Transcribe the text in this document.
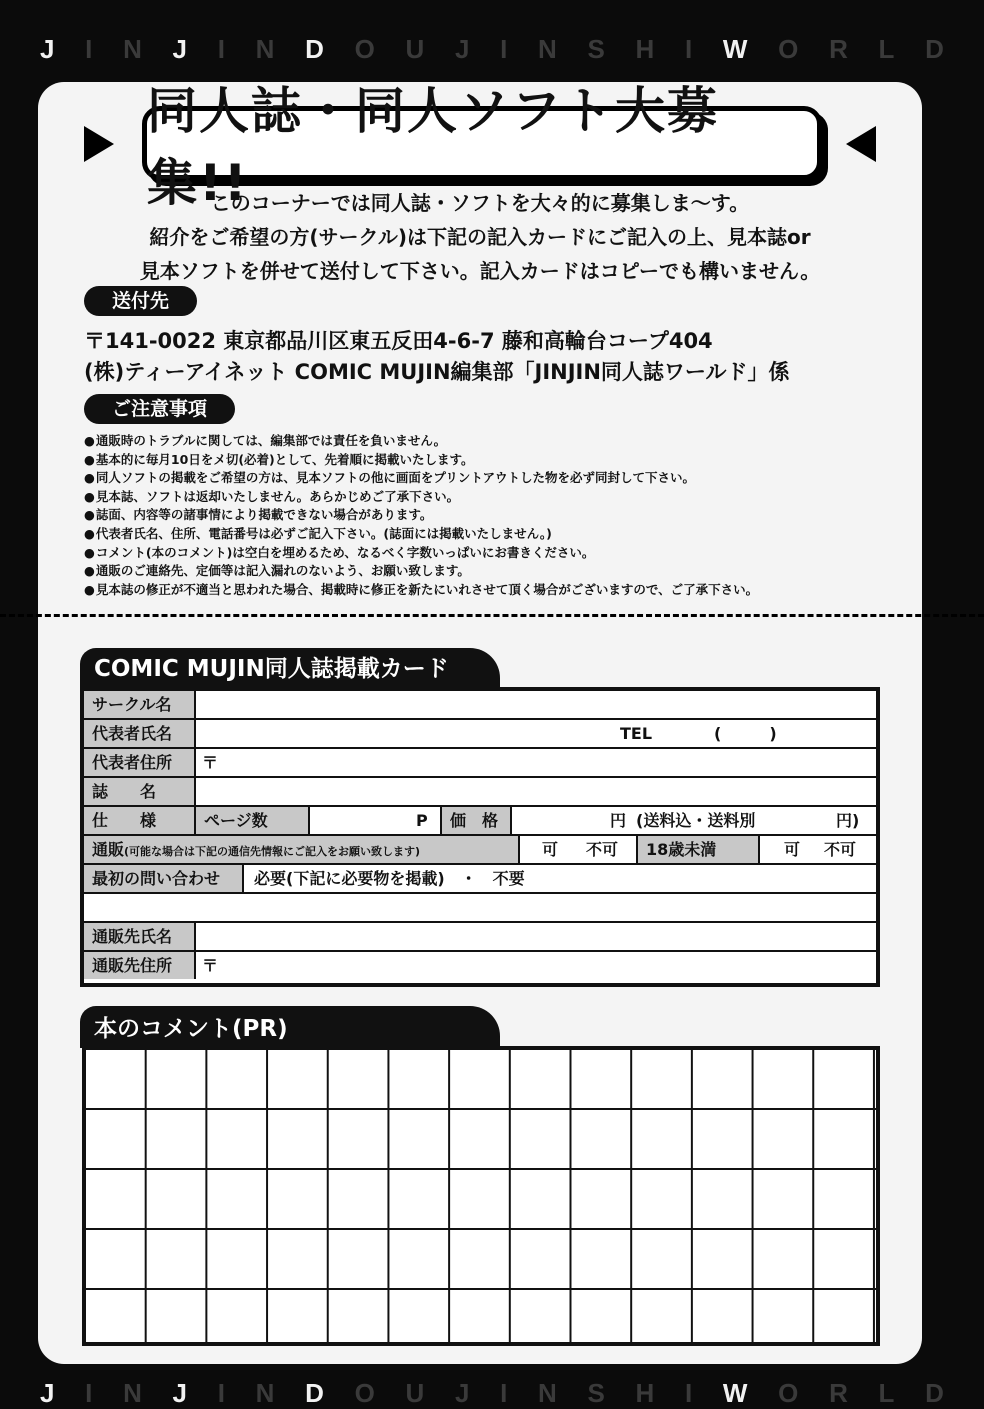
J I N J I N D O U J I N S H I W O R L D
J I N J I N D O U J I N S H I W O R L D
同人誌・同人ソフト大募集!!
このコーナーでは同人誌・ソフトを大々的に募集しま～す。
紹介をご希望の方(サークル)は下記の記入カードにご記入の上、見本誌or
見本ソフトを併せて送付して下さい。記入カードはコピーでも構いません。
送付先
〒141-0022 東京都品川区東五反田4-6-7 藤和高輪台コープ404
(株)ティーアイネット COMIC MUJIN編集部「JINJIN同人誌ワールド」係
ご注意事項
● 通販時のトラブルに関しては、編集部では責任を負いません。
● 基本的に毎月10日をメ切(必着)として、先着順に掲載いたします。
● 同人ソフトの掲載をご希望の方は、見本ソフトの他に画面をプリントアウトした物を必ず同封して下さい。
● 見本誌、ソフトは返却いたしません。あらかじめご了承下さい。
● 誌面、内容等の諸事情により掲載できない場合があります。
● 代表者氏名、住所、電話番号は必ずご記入下さい。(誌面には掲載いたしません。)
● コメント(本のコメント)は空白を埋めるため、なるべく字数いっぱいにお書きください。
● 通販のご連絡先、定価等は記入漏れのないよう、お願い致します。
● 見本誌の修正が不適当と思われた場合、掲載時に修正を新たにいれさせて頂く場合がございますので、ご了承下さい。
COMIC MUJIN同人誌掲載カード
サークル名
代表者氏名	TEL	(　　　)
代表者住所	〒
誌　　名
仕　　様	ページ数	P	価　格	円 (送料込・送料別	円)
通販(可能な場合は下記の通信先情報にご記入をお願い致します)	可 不可	18歳未満	可 不可
最初の問い合わせ	必要(下記に必要物を掲載)　・　不要
通販先氏名
通販先住所	〒
本のコメント(PR)
